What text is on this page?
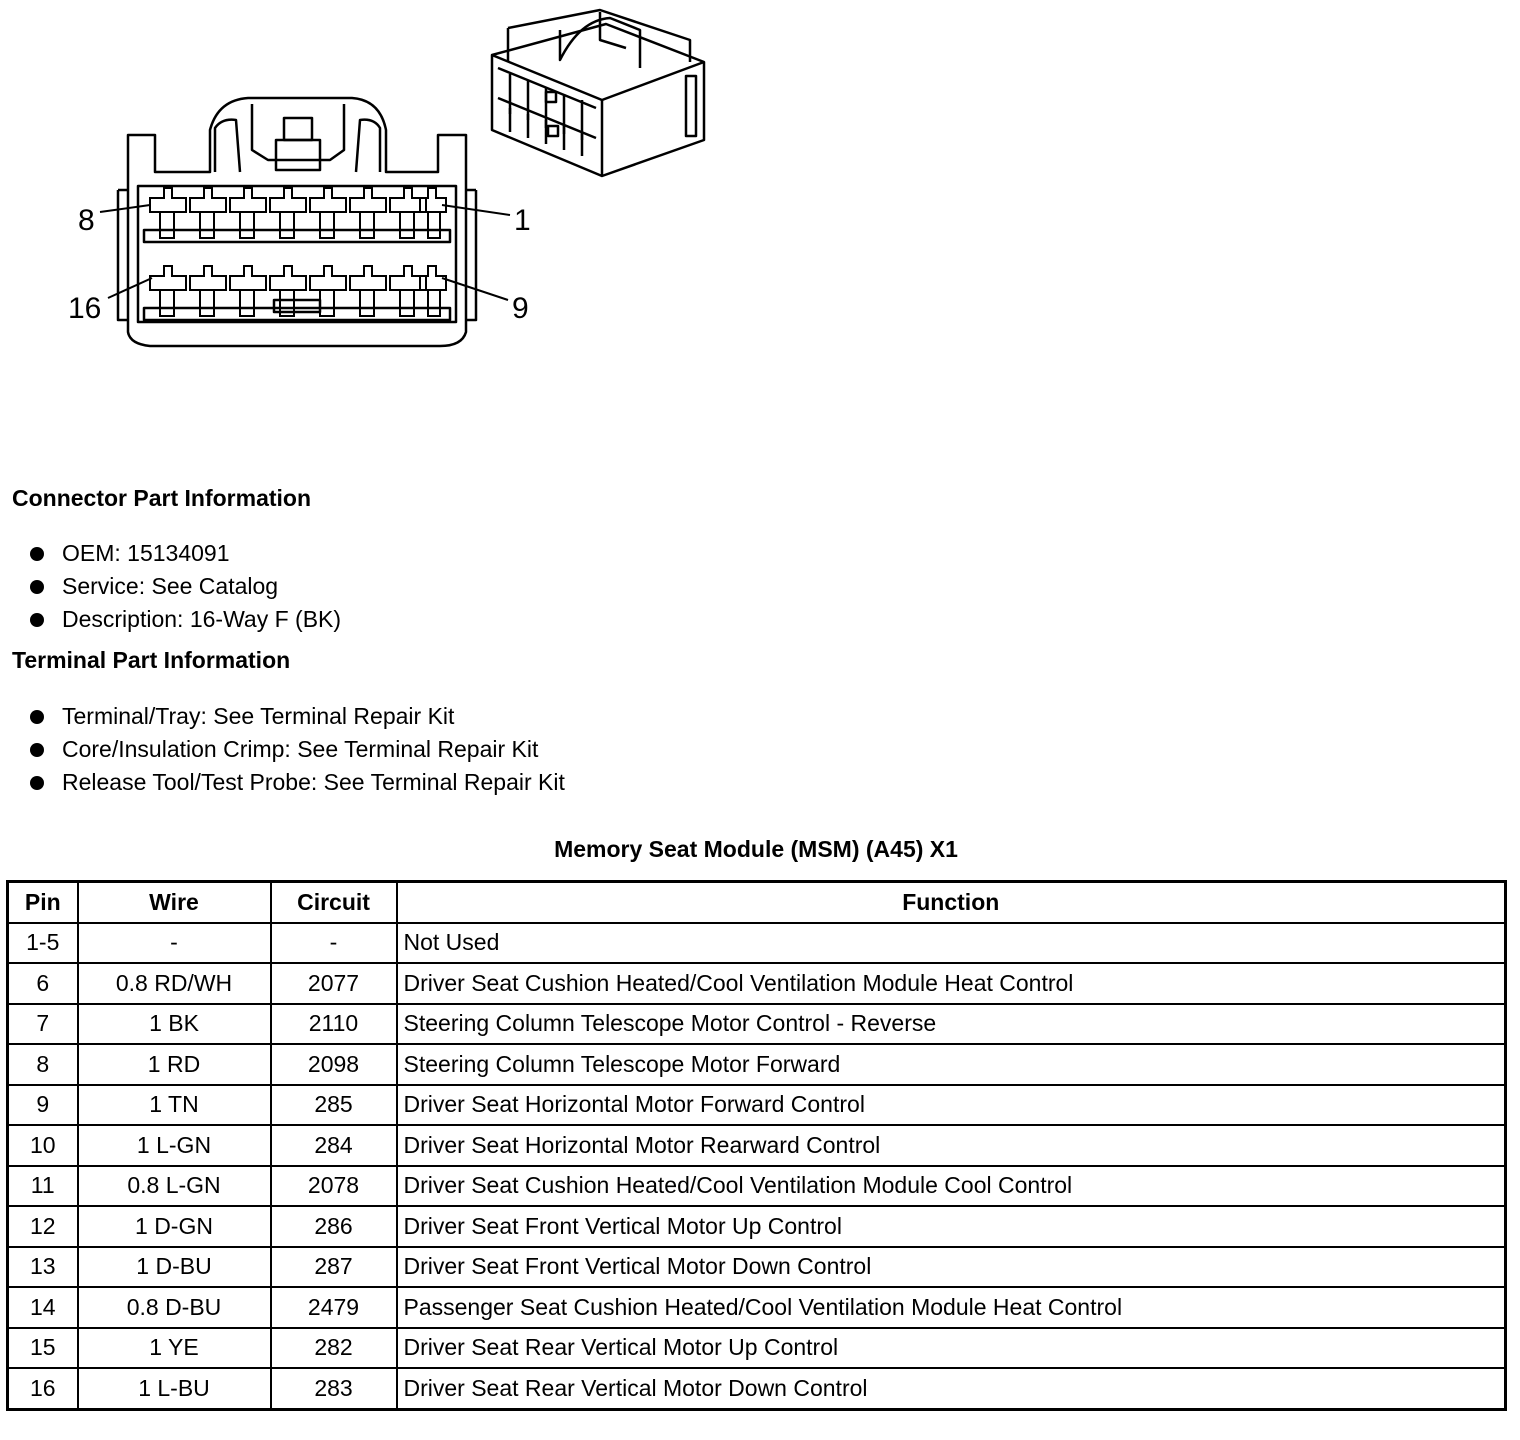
8	1
16	9
Connector Part Information
OEM: 15134091
Service: See Catalog
Description: 16-Way F (BK)
Terminal Part Information
Terminal/Tray: See Terminal Repair Kit
Core/Insulation Crimp: See Terminal Repair Kit
Release Tool/Test Probe: See Terminal Repair Kit
Memory Seat Module (MSM) (A45) X1
Pin	Wire	Circuit	Function
1-5	-	-	Not Used
6	0.8 RD/WH	2077	Driver Seat Cushion Heated/Cool Ventilation Module Heat Control
7	1 BK	2110	Steering Column Telescope Motor Control - Reverse
8	1 RD	2098	Steering Column Telescope Motor Forward
9	1 TN	285	Driver Seat Horizontal Motor Forward Control
10	1 L-GN	284	Driver Seat Horizontal Motor Rearward Control
11	0.8 L-GN	2078	Driver Seat Cushion Heated/Cool Ventilation Module Cool Control
12	1 D-GN	286	Driver Seat Front Vertical Motor Up Control
13	1 D-BU	287	Driver Seat Front Vertical Motor Down Control
14	0.8 D-BU	2479	Passenger Seat Cushion Heated/Cool Ventilation Module Heat Control
15	1 YE	282	Driver Seat Rear Vertical Motor Up Control
16	1 L-BU	283	Driver Seat Rear Vertical Motor Down Control
